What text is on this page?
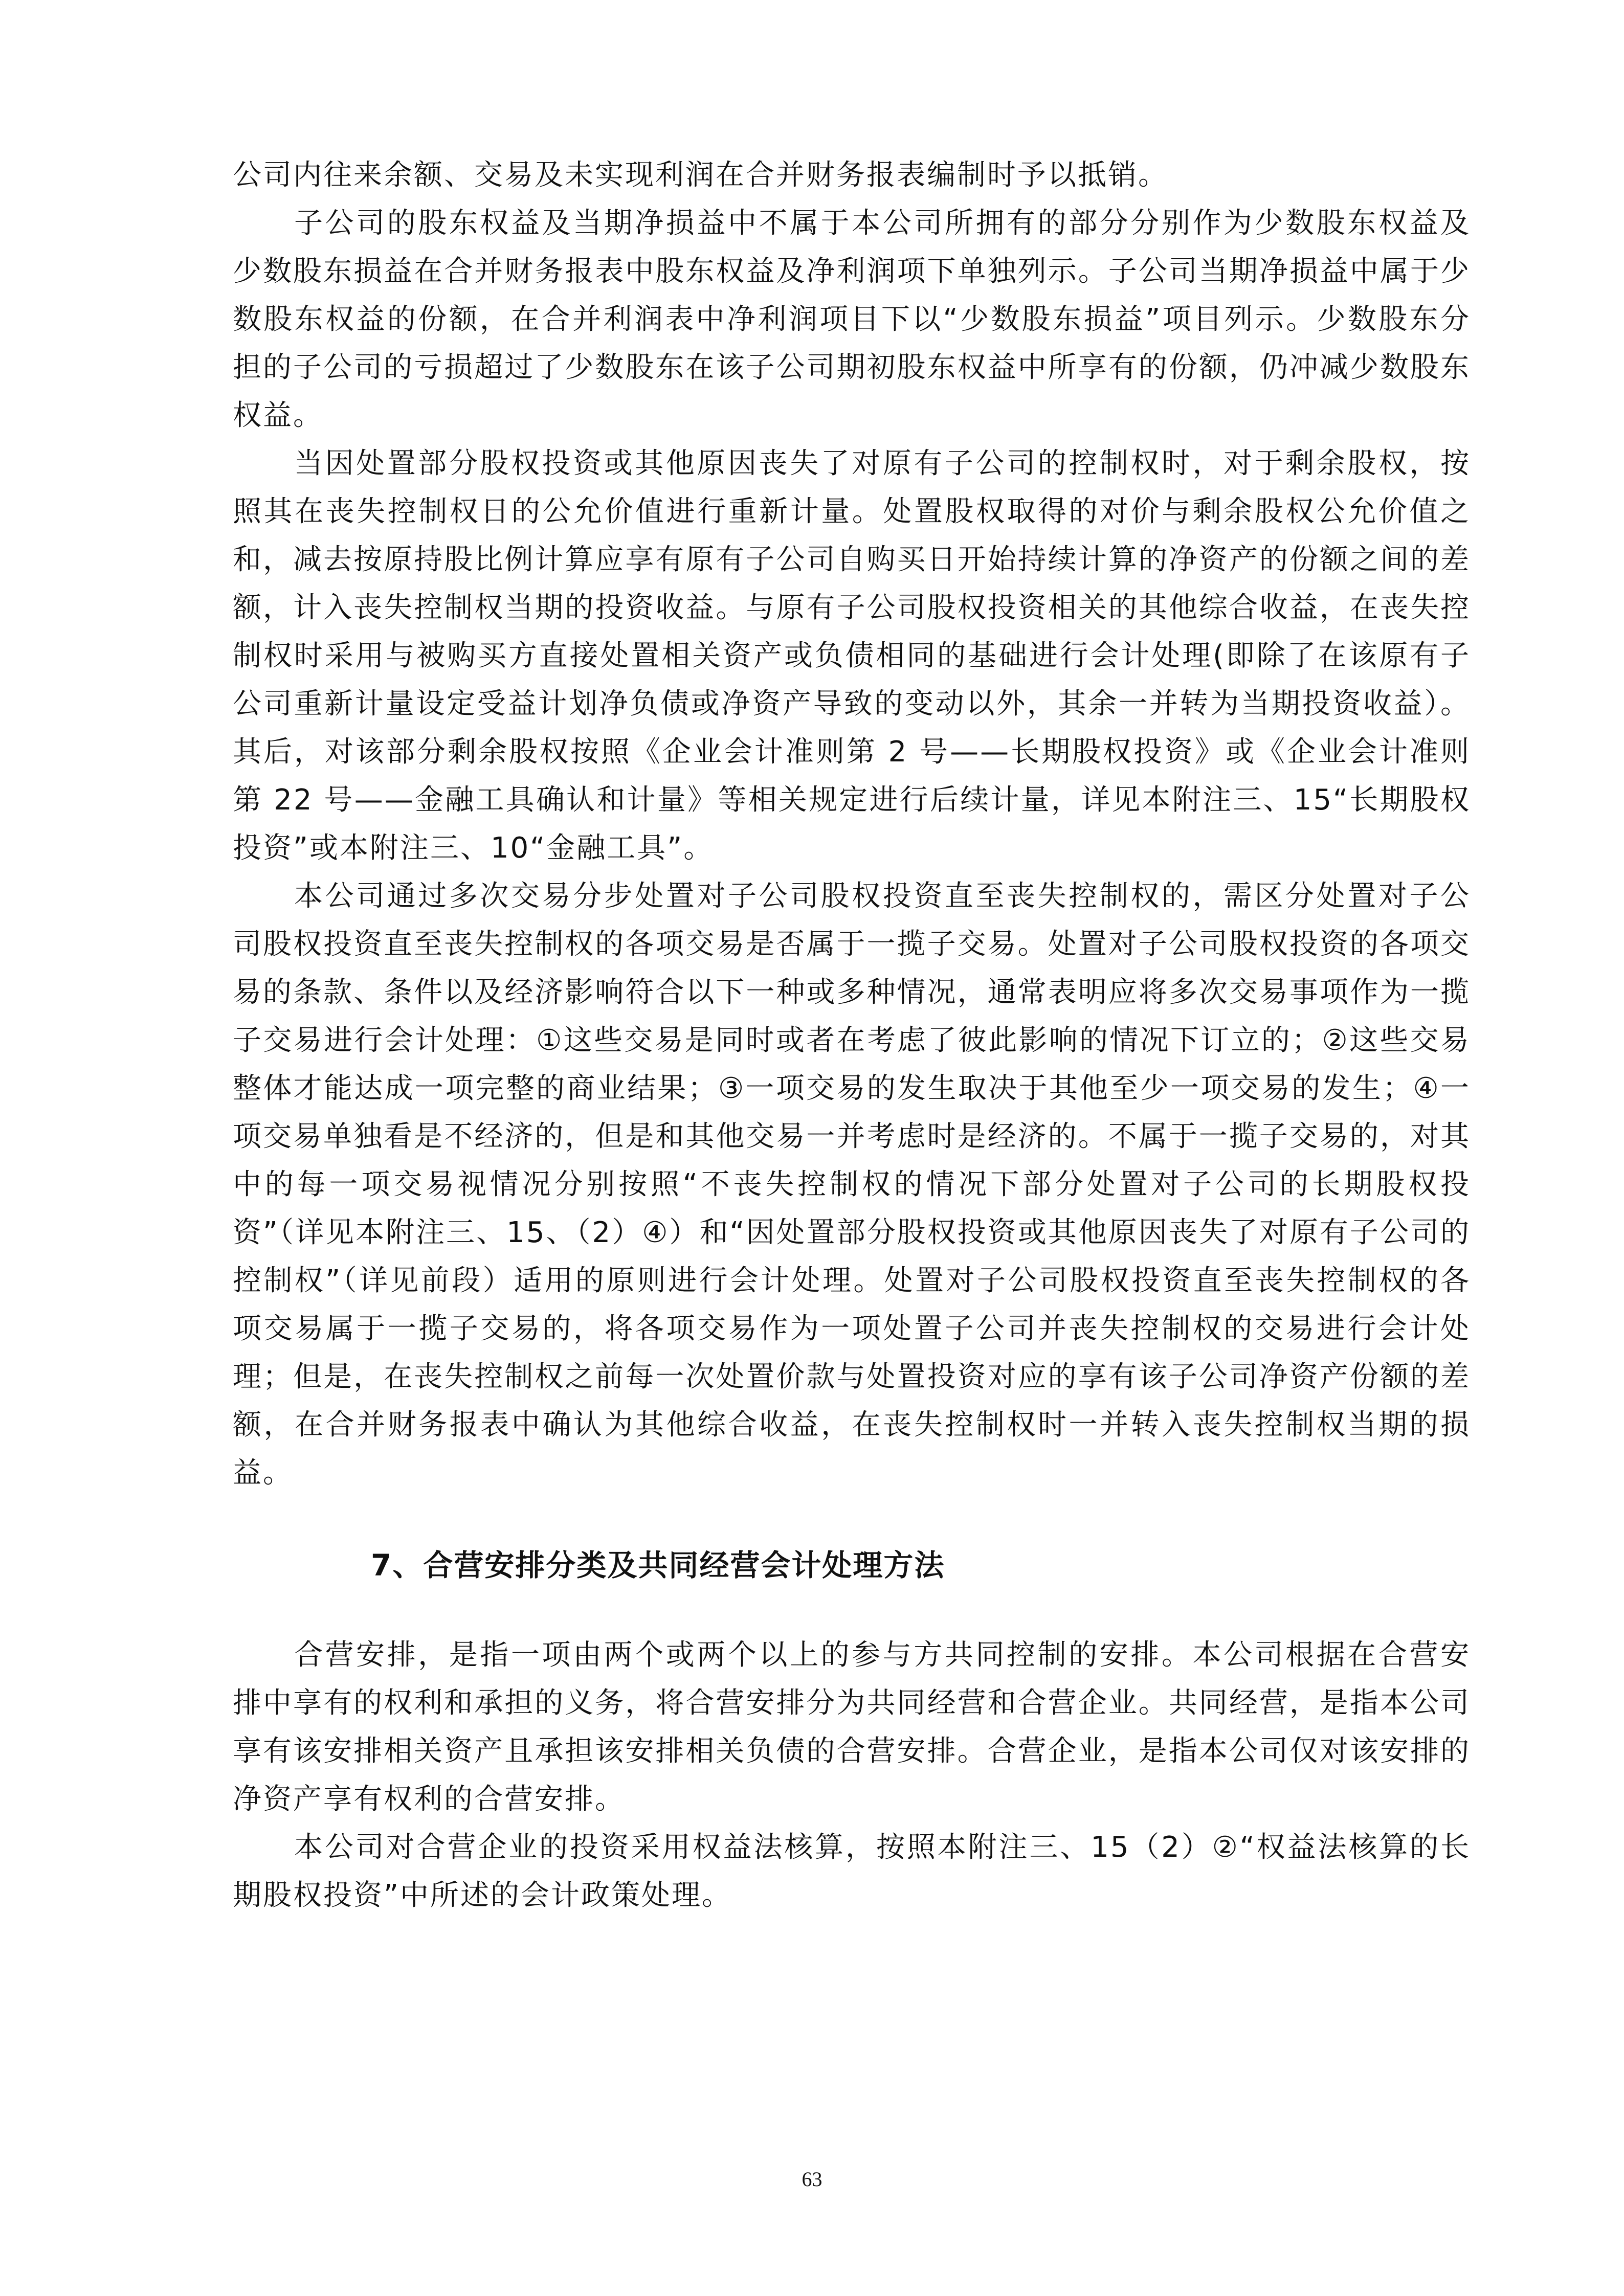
公司内往来余额、交易及未实现利润在合并财务报表编制时予以抵销。

子公司的股东权益及当期净损益中不属于本公司所拥有的部分分别作为少数股东权益及少数股东损益在合并财务报表中股东权益及净利润项下单独列示。子公司当期净损益中属于少数股东权益的份额，在合并利润表中净利润项目下以“少数股东损益”项目列示。少数股东分担的子公司的亏损超过了少数股东在该子公司期初股东权益中所享有的份额，仍冲减少数股东权益。

当因处置部分股权投资或其他原因丧失了对原有子公司的控制权时，对于剩余股权，按照其在丧失控制权日的公允价值进行重新计量。处置股权取得的对价与剩余股权公允价值之和，减去按原持股比例计算应享有原有子公司自购买日开始持续计算的净资产的份额之间的差额，计入丧失控制权当期的投资收益。与原有子公司股权投资相关的其他综合收益，在丧失控制权时采用与被购买方直接处置相关资产或负债相同的基础进行会计处理(即除了在该原有子公司重新计量设定受益计划净负债或净资产导致的变动以外，其余一并转为当期投资收益）。其后，对该部分剩余股权按照《企业会计准则第 2 号——长期股权投资》或《企业会计准则第 22 号——金融工具确认和计量》等相关规定进行后续计量，详见本附注三、15“长期股权投资”或本附注三、10“金融工具”。

本公司通过多次交易分步处置对子公司股权投资直至丧失控制权的，需区分处置对子公司股权投资直至丧失控制权的各项交易是否属于一揽子交易。处置对子公司股权投资的各项交易的条款、条件以及经济影响符合以下一种或多种情况，通常表明应将多次交易事项作为一揽子交易进行会计处理：①这些交易是同时或者在考虑了彼此影响的情况下订立的；②这些交易整体才能达成一项完整的商业结果；③一项交易的发生取决于其他至少一项交易的发生；④一项交易单独看是不经济的，但是和其他交易一并考虑时是经济的。不属于一揽子交易的，对其中的每一项交易视情况分别按照“不丧失控制权的情况下部分处置对子公司的长期股权投资”（详见本附注三、15、（2）④）和“因处置部分股权投资或其他原因丧失了对原有子公司的控制权”（详见前段）适用的原则进行会计处理。处置对子公司股权投资直至丧失控制权的各项交易属于一揽子交易的，将各项交易作为一项处置子公司并丧失控制权的交易进行会计处理；但是，在丧失控制权之前每一次处置价款与处置投资对应的享有该子公司净资产份额的差额，在合并财务报表中确认为其他综合收益，在丧失控制权时一并转入丧失控制权当期的损益。

7、合营安排分类及共同经营会计处理方法

合营安排，是指一项由两个或两个以上的参与方共同控制的安排。本公司根据在合营安排中享有的权利和承担的义务，将合营安排分为共同经营和合营企业。共同经营，是指本公司享有该安排相关资产且承担该安排相关负债的合营安排。合营企业，是指本公司仅对该安排的净资产享有权利的合营安排。

本公司对合营企业的投资采用权益法核算，按照本附注三、15（2）②“权益法核算的长期股权投资”中所述的会计政策处理。

63
